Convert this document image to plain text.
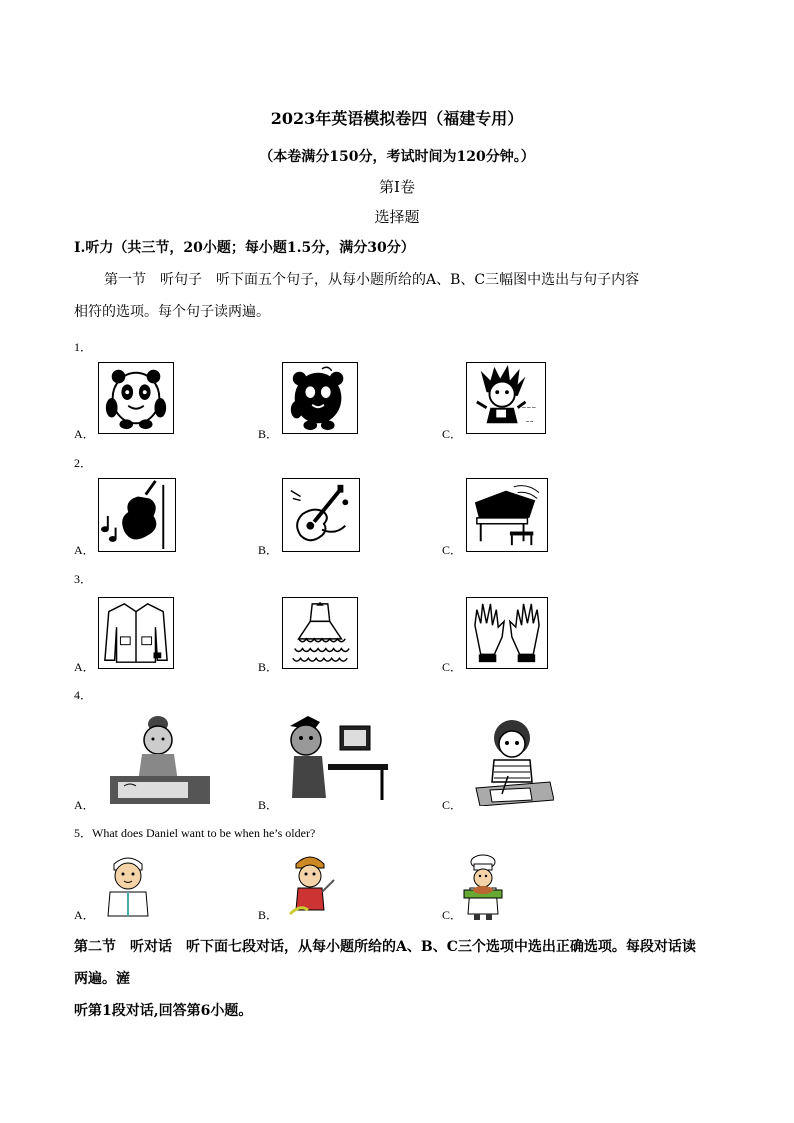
2023年英语模拟卷四（福建专用）
（本卷满分150分，考试时间为120分钟。）
第Ⅰ卷
选择题
Ⅰ.听力（共三节，20小题；每小题1.5分，满分30分）
第一节　听句子　听下面五个句子，从每小题所给的A、B、C三幅图中选出与句子内容
相符的选项。每个句子读两遍。
1．
A．	B．	C．
~~~
~~
2．
A．	B．	C．
3．
A．	B．	C．
4．
A．	B．	C．
5．What does Daniel want to be when he’s older?
A．	B．	C．
第二节　听对话　听下面七段对话，从每小题所给的A、B、C三个选项中选出正确选项。每段对话读
两遍。滻
听第1段对话,回答第6小题。
